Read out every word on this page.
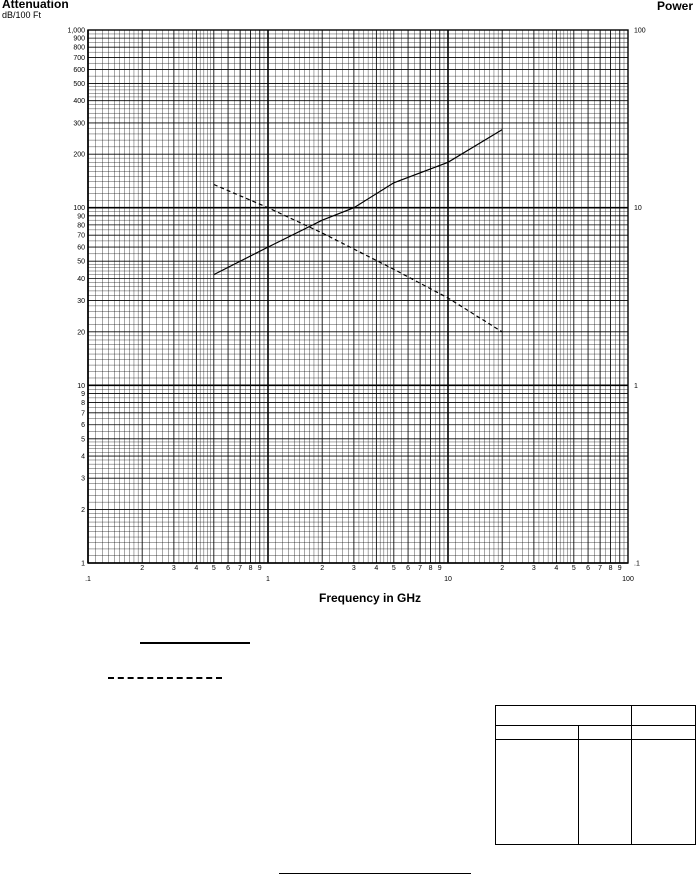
.1
2	3	4 5 6 7 8 9
1
2	3	4 5 6 7 8 9
10
2	3	4 5 6 7 8 9
100
1
2
3
4
5
6
7
8
9
10
20
30
40
50
60
70
80
90
100
200
300
400
500
600
700
800
900
1,000
.1
1
10
100
Attenuation
dB/100 Ft
Power
Frequency in GHz
